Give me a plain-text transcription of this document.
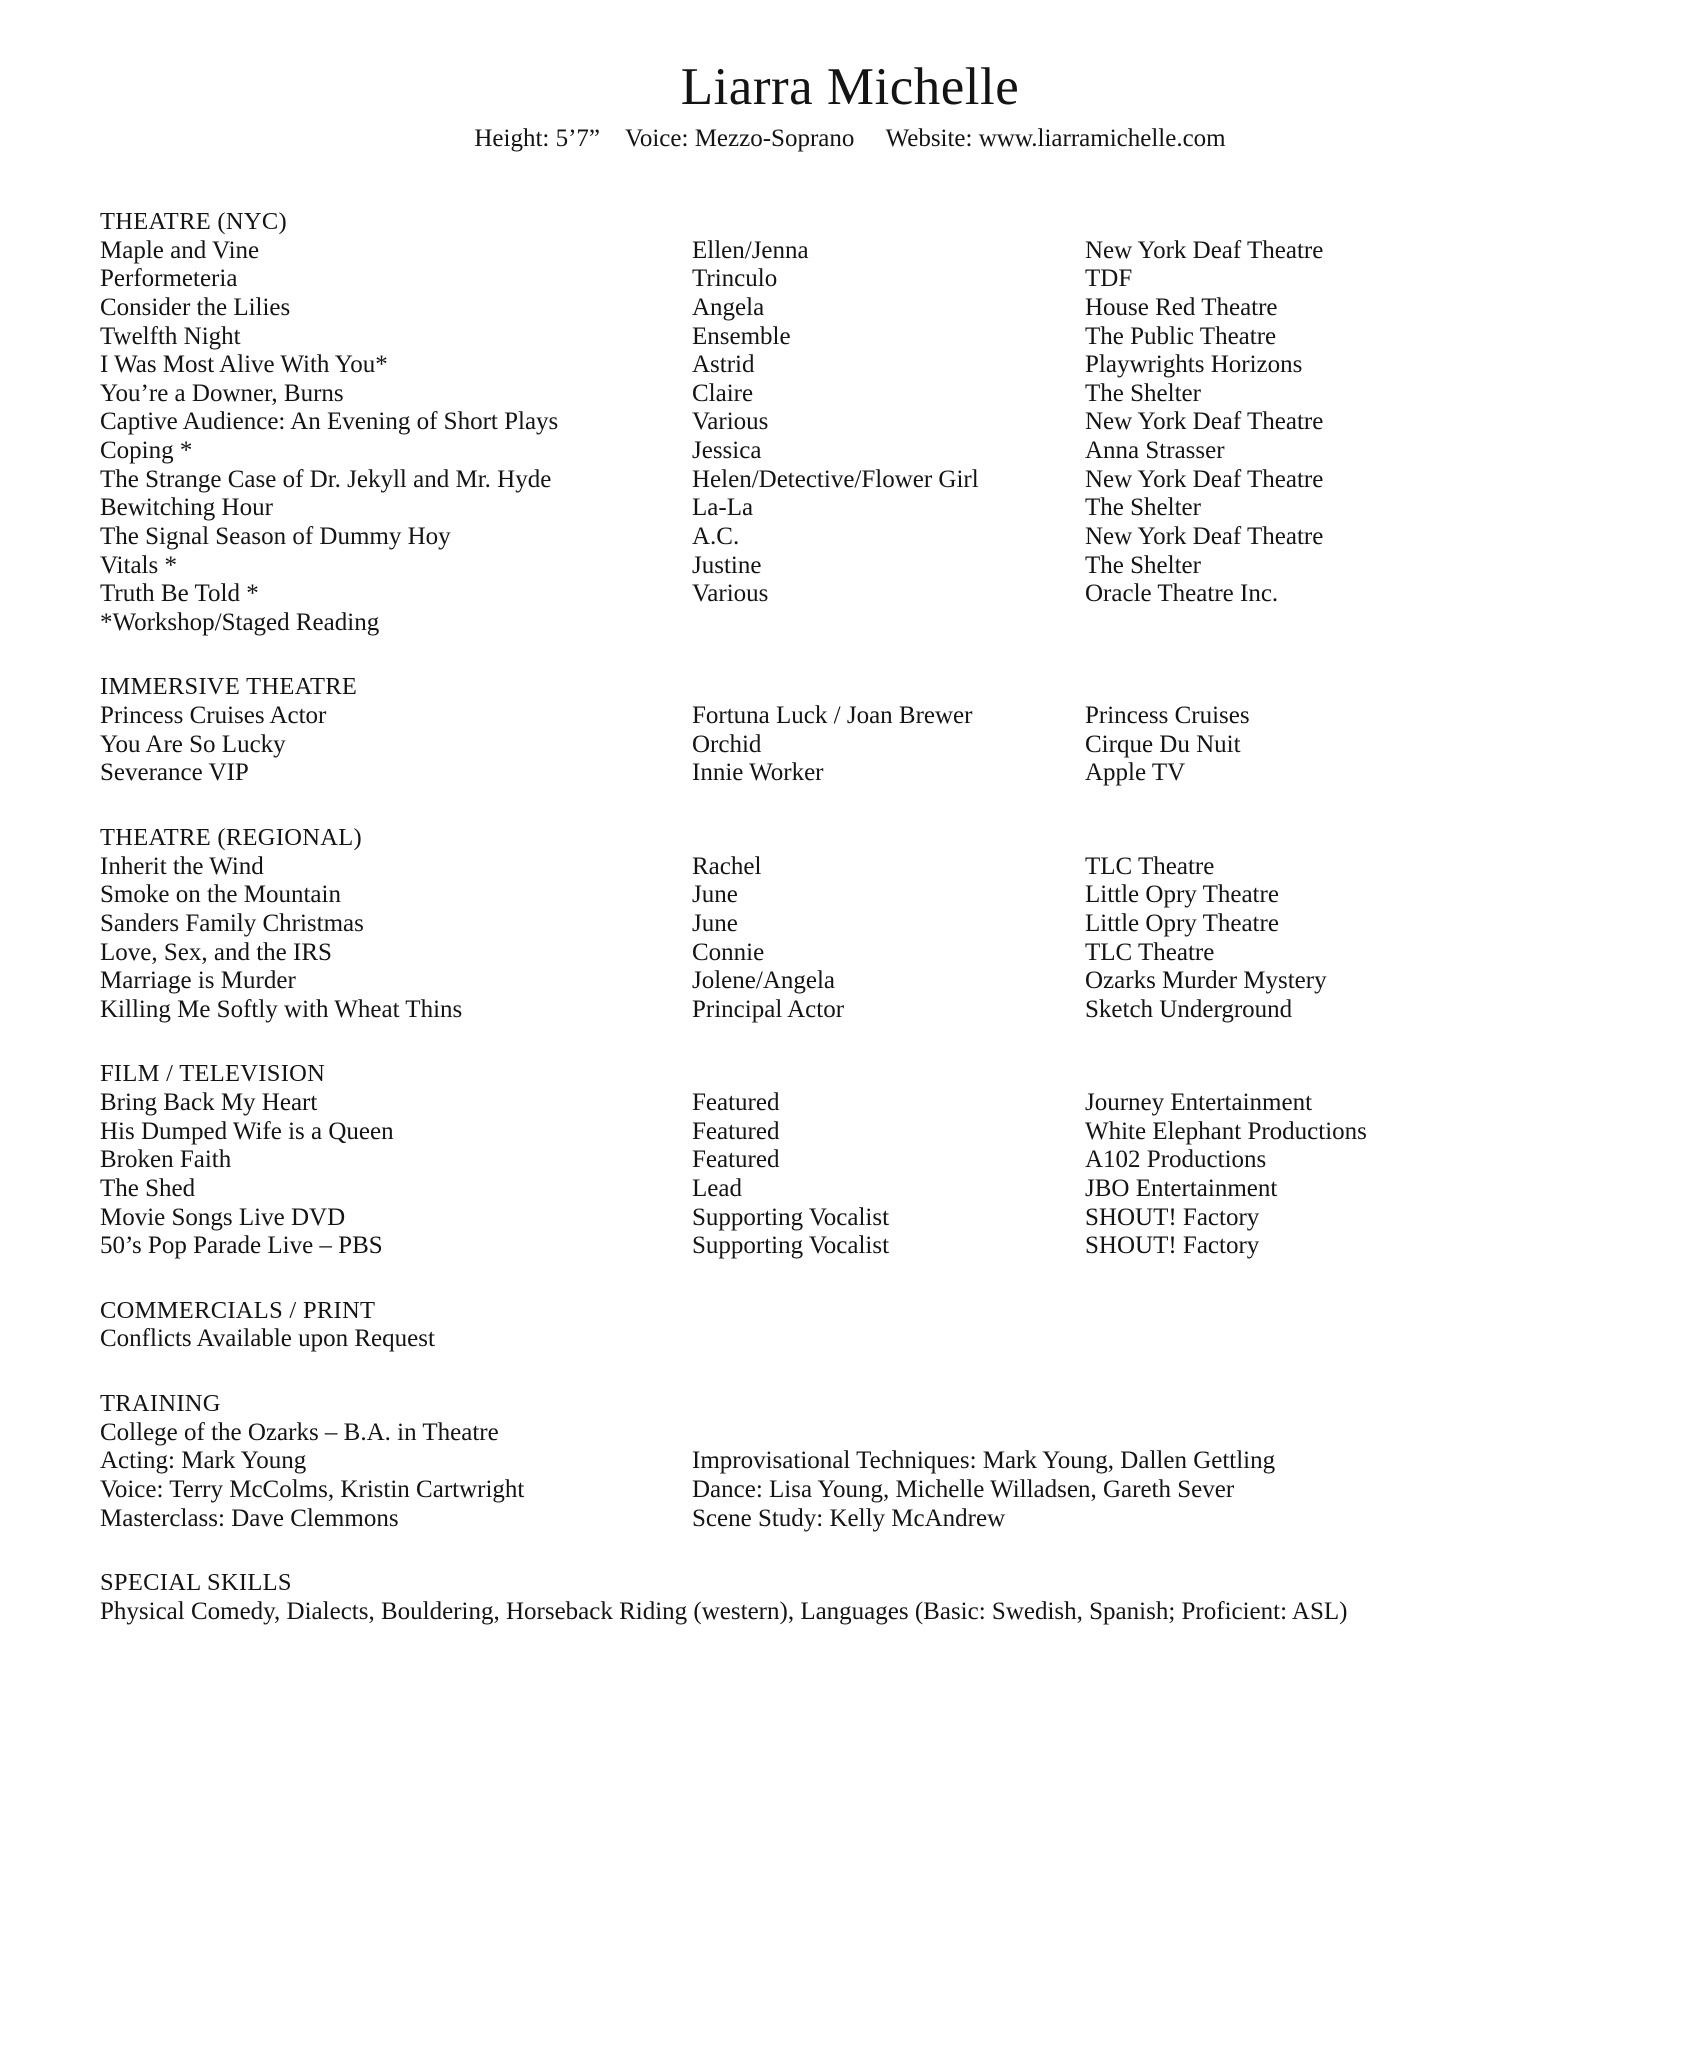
Liarra Michelle
Height: 5’7” Voice: Mezzo-Soprano Website: www.liarramichelle.com
THEATRE (NYC)
Maple and Vine	Ellen/Jenna	New York Deaf Theatre
Performeteria	Trinculo	TDF
Consider the Lilies	Angela	House Red Theatre
Twelfth Night	Ensemble	The Public Theatre
I Was Most Alive With You*	Astrid	Playwrights Horizons
You’re a Downer, Burns	Claire	The Shelter
Captive Audience: An Evening of Short Plays	Various	New York Deaf Theatre
Coping *	Jessica	Anna Strasser
The Strange Case of Dr. Jekyll and Mr. Hyde	Helen/Detective/Flower Girl	New York Deaf Theatre
Bewitching Hour	La-La	The Shelter
The Signal Season of Dummy Hoy	A.C.	New York Deaf Theatre
Vitals *	Justine	The Shelter
Truth Be Told *	Various	Oracle Theatre Inc.
*Workshop/Staged Reading
IMMERSIVE THEATRE
Princess Cruises Actor	Fortuna Luck / Joan Brewer	Princess Cruises
You Are So Lucky	Orchid	Cirque Du Nuit
Severance VIP	Innie Worker	Apple TV
THEATRE (REGIONAL)
Inherit the Wind	Rachel	TLC Theatre
Smoke on the Mountain	June	Little Opry Theatre
Sanders Family Christmas	June	Little Opry Theatre
Love, Sex, and the IRS	Connie	TLC Theatre
Marriage is Murder	Jolene/Angela	Ozarks Murder Mystery
Killing Me Softly with Wheat Thins	Principal Actor	Sketch Underground
FILM / TELEVISION
Bring Back My Heart	Featured	Journey Entertainment
His Dumped Wife is a Queen	Featured	White Elephant Productions
Broken Faith	Featured	A102 Productions
The Shed	Lead	JBO Entertainment
Movie Songs Live DVD	Supporting Vocalist	SHOUT! Factory
50’s Pop Parade Live – PBS	Supporting Vocalist	SHOUT! Factory
COMMERCIALS / PRINT
Conflicts Available upon Request
TRAINING
College of the Ozarks – B.A. in Theatre
Acting: Mark Young	Improvisational Techniques: Mark Young, Dallen Gettling
Voice: Terry McColms, Kristin Cartwright	Dance: Lisa Young, Michelle Willadsen, Gareth Sever
Masterclass: Dave Clemmons	Scene Study: Kelly McAndrew
SPECIAL SKILLS
Physical Comedy, Dialects, Bouldering, Horseback Riding (western), Languages (Basic: Swedish, Spanish; Proficient: ASL)
